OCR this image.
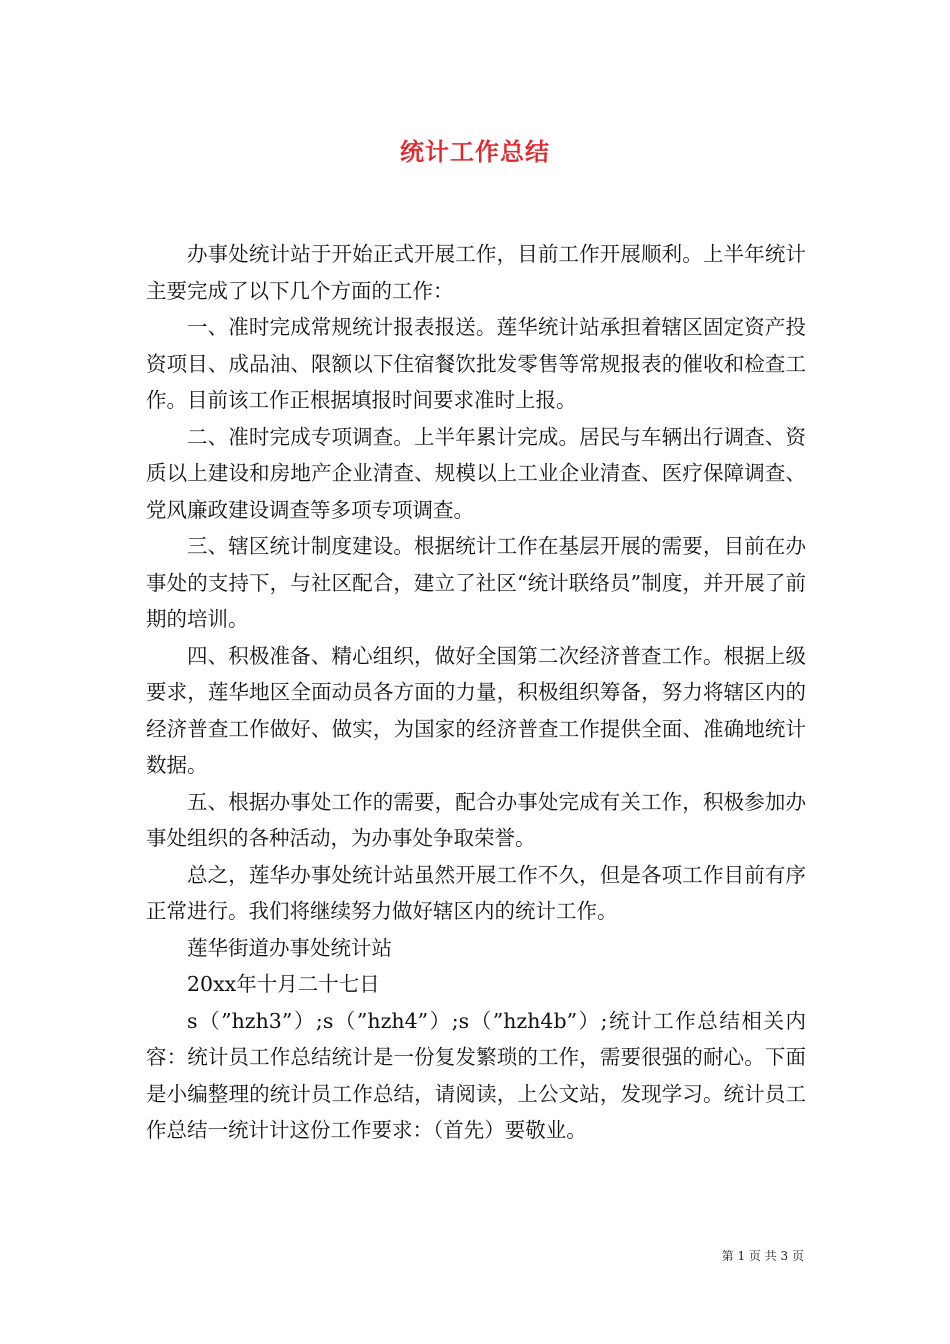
统计工作总结

办事处统计站于开始正式开展工作，目前工作开展顺利。上半年统计主要完成了以下几个方面的工作：

一、准时完成常规统计报表报送。莲华统计站承担着辖区固定资产投资项目、成品油、限额以下住宿餐饮批发零售等常规报表的催收和检查工作。目前该工作正根据填报时间要求准时上报。

二、准时完成专项调查。上半年累计完成。居民与车辆出行调查、资质以上建设和房地产企业清查、规模以上工业企业清查、医疗保障调查、党风廉政建设调查等多项专项调查。

三、辖区统计制度建设。根据统计工作在基层开展的需要，目前在办事处的支持下，与社区配合，建立了社区“统计联络员”制度，并开展了前期的培训。

四、积极准备、精心组织，做好全国第二次经济普查工作。根据上级要求，莲华地区全面动员各方面的力量，积极组织筹备，努力将辖区内的经济普查工作做好、做实，为国家的经济普查工作提供全面、准确地统计数据。

五、根据办事处工作的需要，配合办事处完成有关工作，积极参加办事处组织的各种活动，为办事处争取荣誉。

总之，莲华办事处统计站虽然开展工作不久，但是各项工作目前有序正常进行。我们将继续努力做好辖区内的统计工作。

莲华街道办事处统计站

20xx年十月二十七日

s（”hzh3”）;s（”hzh4”）;s（”hzh4b”）;统计工作总结相关内容：统计员工作总结统计是一份复发繁琐的工作，需要很强的耐心。下面是小编整理的统计员工作总结，请阅读，上公文站，发现学习。统计员工作总结一统计计这份工作要求：（首先）要敬业。

第 1 页 共 3 页
